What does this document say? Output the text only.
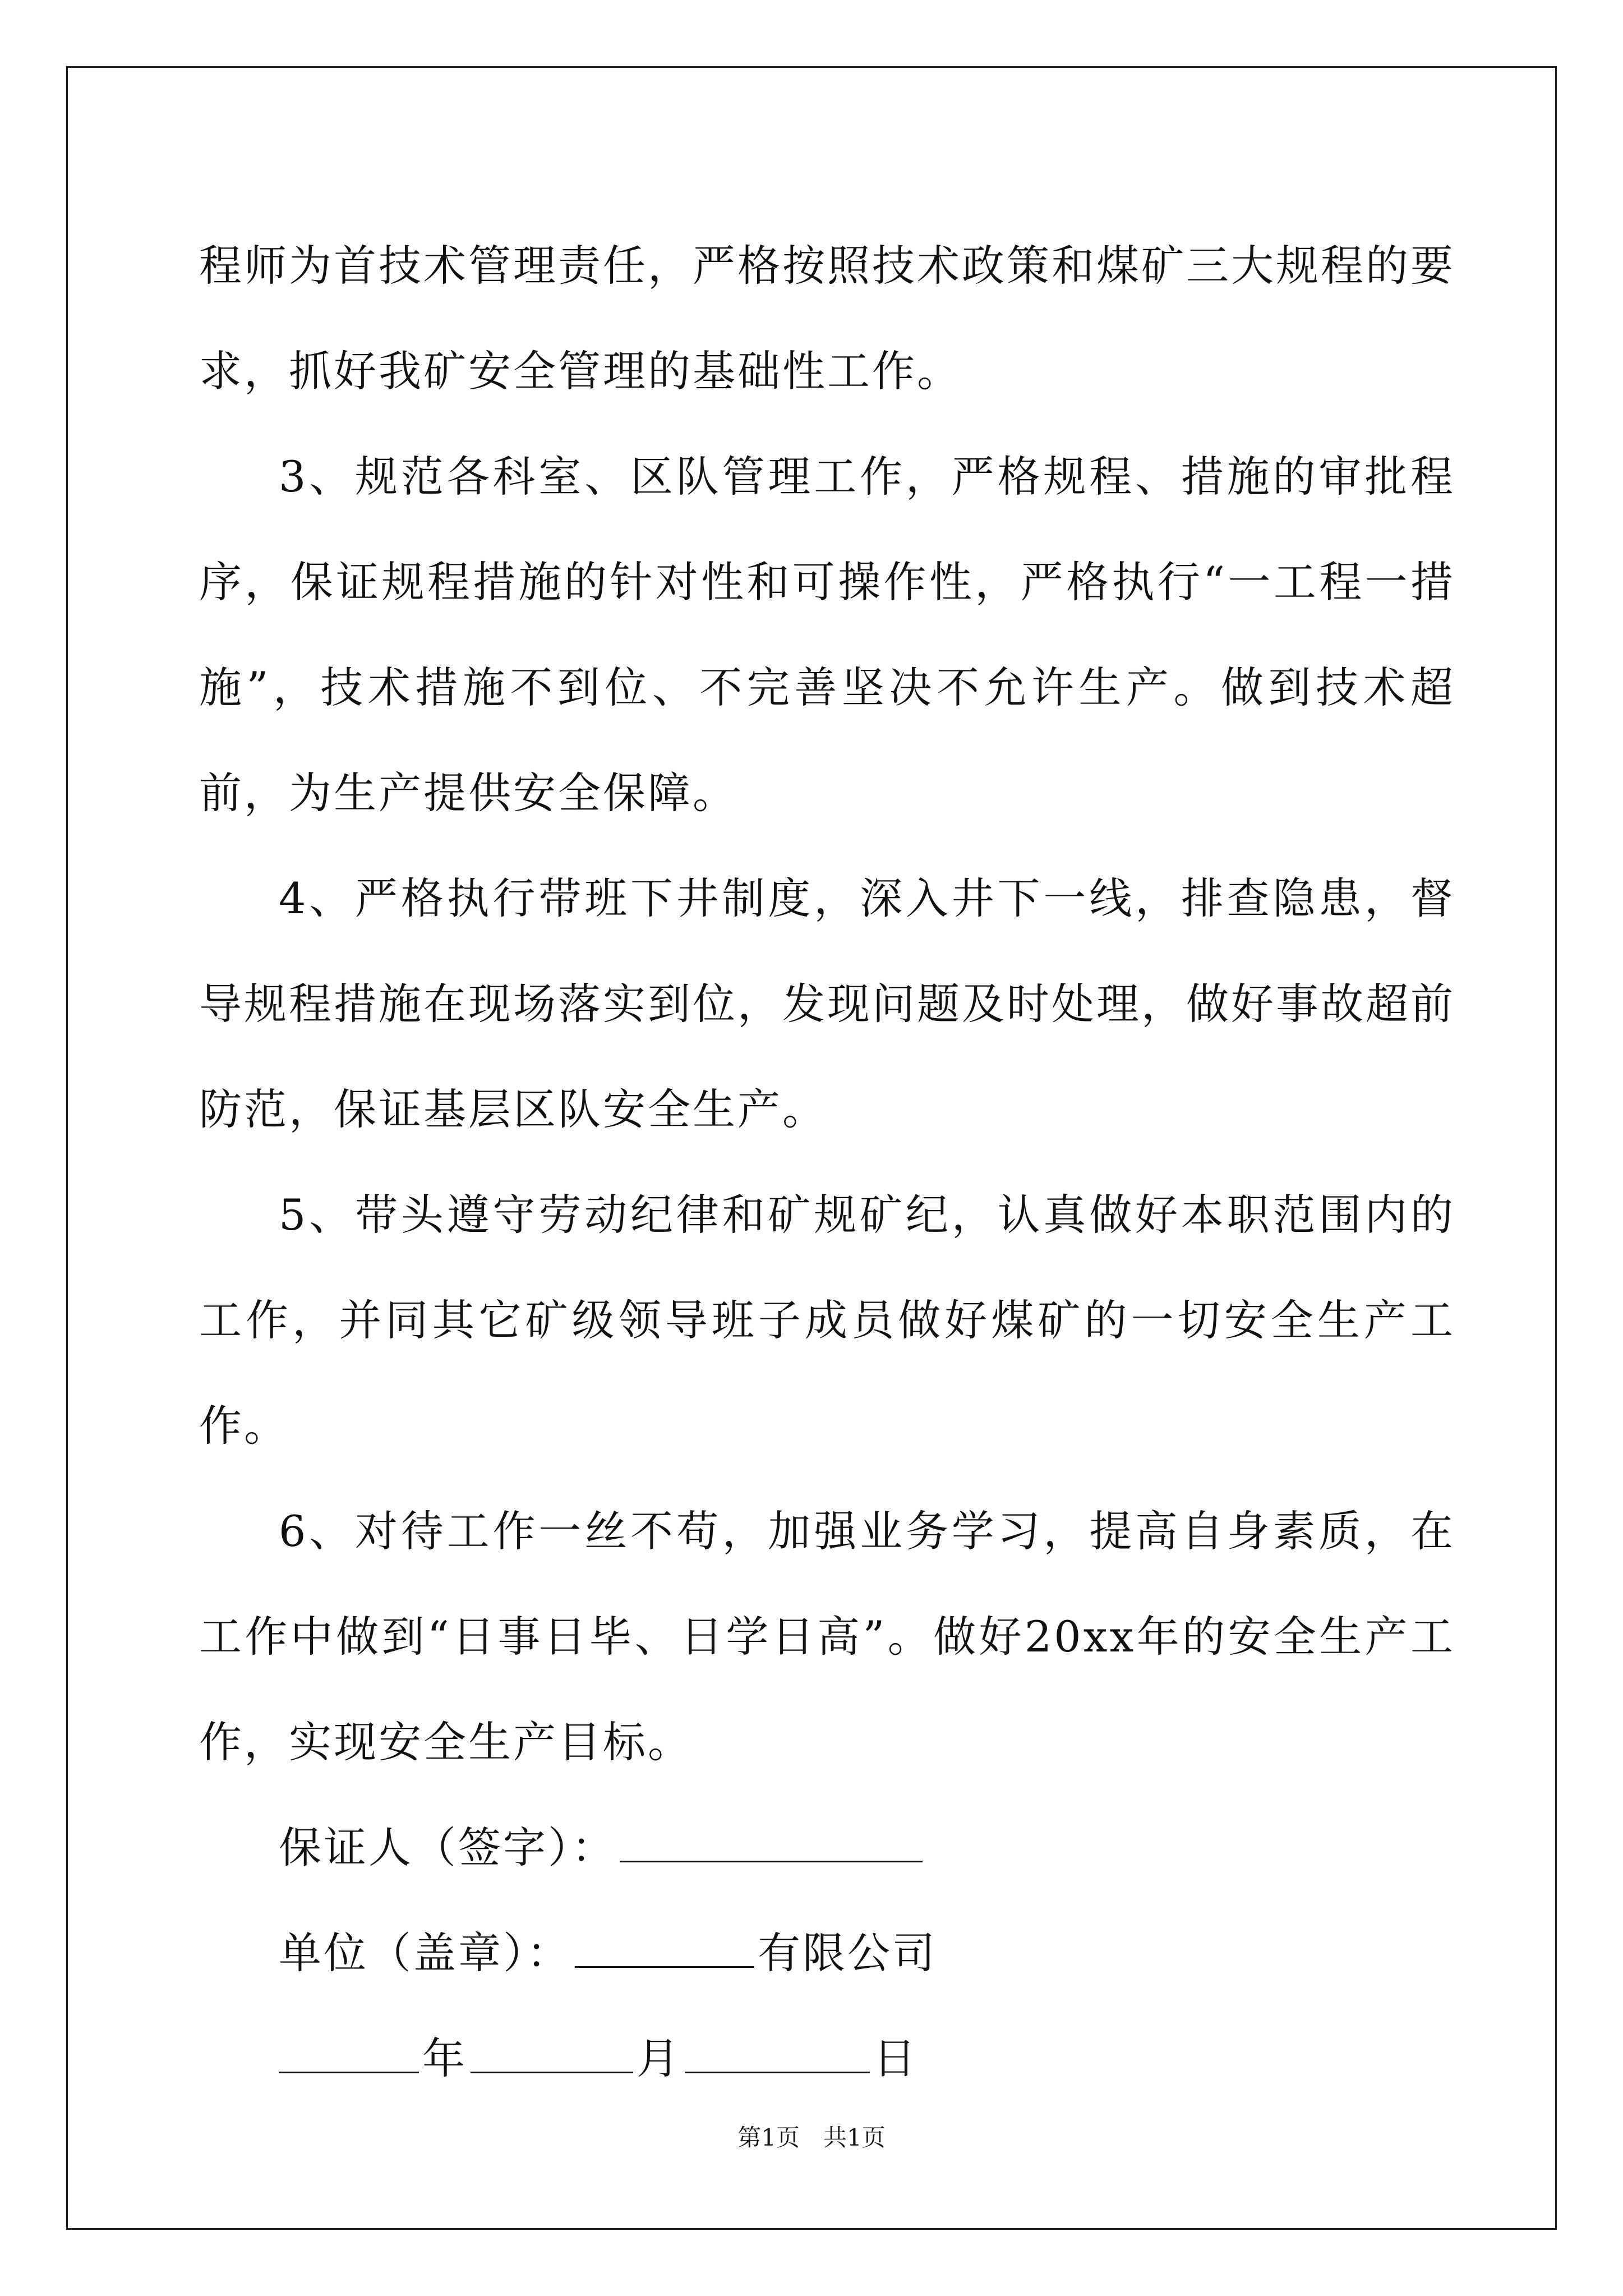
程师为首技术管理责任，严格按照技术政策和煤矿三大规程的要求，抓好我矿安全管理的基础性工作。

3、规范各科室、区队管理工作，严格规程、措施的审批程序，保证规程措施的针对性和可操作性，严格执行“一工程一措施”，技术措施不到位、不完善坚决不允许生产。做到技术超前，为生产提供安全保障。

4、严格执行带班下井制度，深入井下一线，排查隐患，督导规程措施在现场落实到位，发现问题及时处理，做好事故超前防范，保证基层区队安全生产。

5、带头遵守劳动纪律和矿规矿纪，认真做好本职范围内的工作，并同其它矿级领导班子成员做好煤矿的一切安全生产工作。

6、对待工作一丝不苟，加强业务学习，提高自身素质，在工作中做到“日事日毕、日学日高”。做好20xx年的安全生产工作，实现安全生产目标。

保证人（签字）：

单位（盖章）：	有限公司

年	月	日

第1页　共1页
